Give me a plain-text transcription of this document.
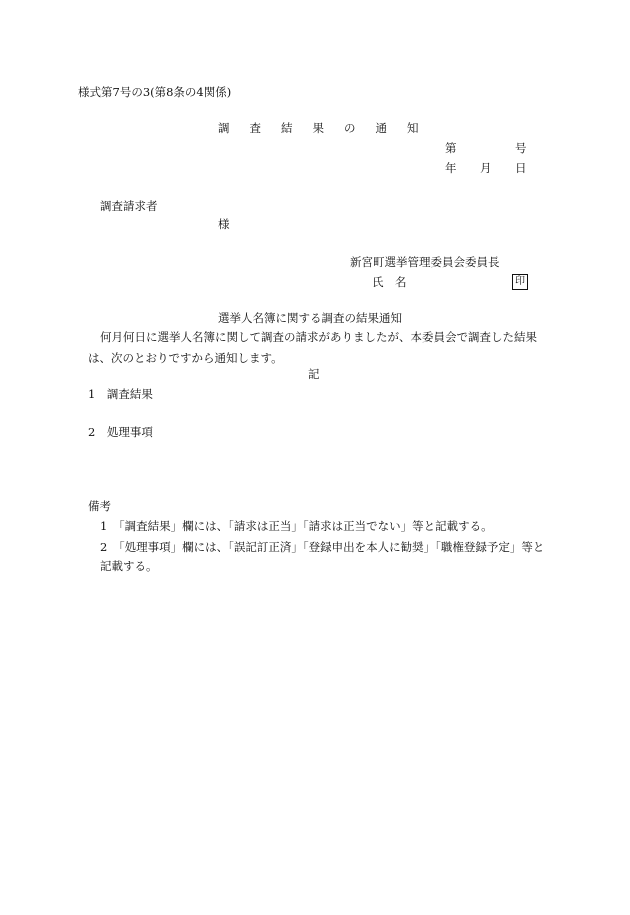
様式第7号の3(第8条の4関係)
調査結果の通知
第	号
年 月 日
調査請求者
様
新宮町選挙管理委員会委員長
氏　名	印
選挙人名簿に関する調査の結果通知
何月何日に選挙人名簿に関して調査の請求がありましたが、本委員会で調査した結果は、次のとおりですから通知します。
記
1　 調査結果
2　 処理事項
備考
1　 「調査結果」欄には、「請求は正当」「請求は正当でない」等と記載する。
2　 「処理事項」欄には、「誤記訂正済」「登録申出を本人に勧奨」「職権登録予定」等と記載する。
